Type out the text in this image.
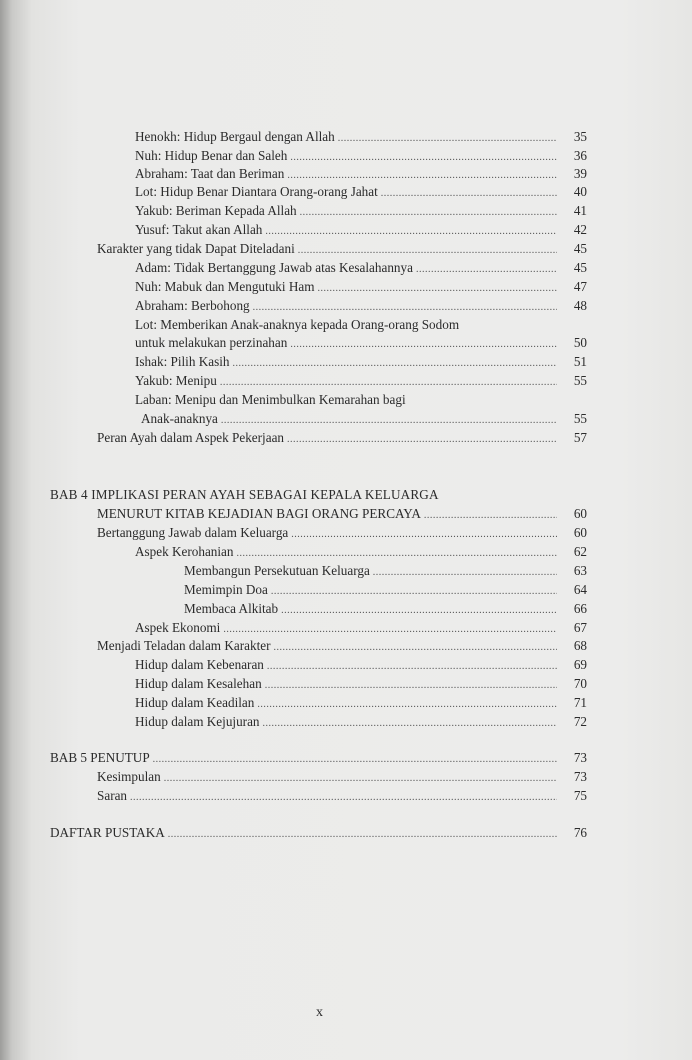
Henokh: Hidup Bergaul dengan Allah .....	35
Nuh: Hidup Benar dan Saleh .....	36
Abraham: Taat dan Beriman .....	39
Lot: Hidup Benar Diantara Orang-orang Jahat .....	40
Yakub: Beriman Kepada Allah .....	41
Yusuf: Takut akan Allah .....	42
Karakter yang tidak Dapat Diteladani .....	45
Adam: Tidak Bertanggung Jawab atas Kesalahannya .....	45
Nuh: Mabuk dan Mengutuki Ham .....	47
Abraham: Berbohong .....	48
Lot: Memberikan Anak-anaknya kepada Orang-orang Sodom
untuk melakukan perzinahan .....	50
Ishak: Pilih Kasih .....	51
Yakub: Menipu .....	55
Laban: Menipu dan Menimbulkan Kemarahan bagi
Anak-anaknya .....	55
Peran Ayah dalam Aspek Pekerjaan .....	57
BAB 4 IMPLIKASI PERAN AYAH SEBAGAI KEPALA KELUARGA
MENURUT KITAB KEJADIAN BAGI ORANG PERCAYA .....	60
Bertanggung Jawab dalam Keluarga .....	60
Aspek Kerohanian .....	62
Membangun Persekutuan Keluarga .....	63
Memimpin Doa .....	64
Membaca Alkitab .....	66
Aspek Ekonomi .....	67
Menjadi Teladan dalam Karakter .....	68
Hidup dalam Kebenaran .....	69
Hidup dalam Kesalehan .....	70
Hidup dalam Keadilan .....	71
Hidup dalam Kejujuran .....	72
BAB 5 PENUTUP .....	73
Kesimpulan .....	73
Saran .....	75
DAFTAR PUSTAKA .....	76
x
